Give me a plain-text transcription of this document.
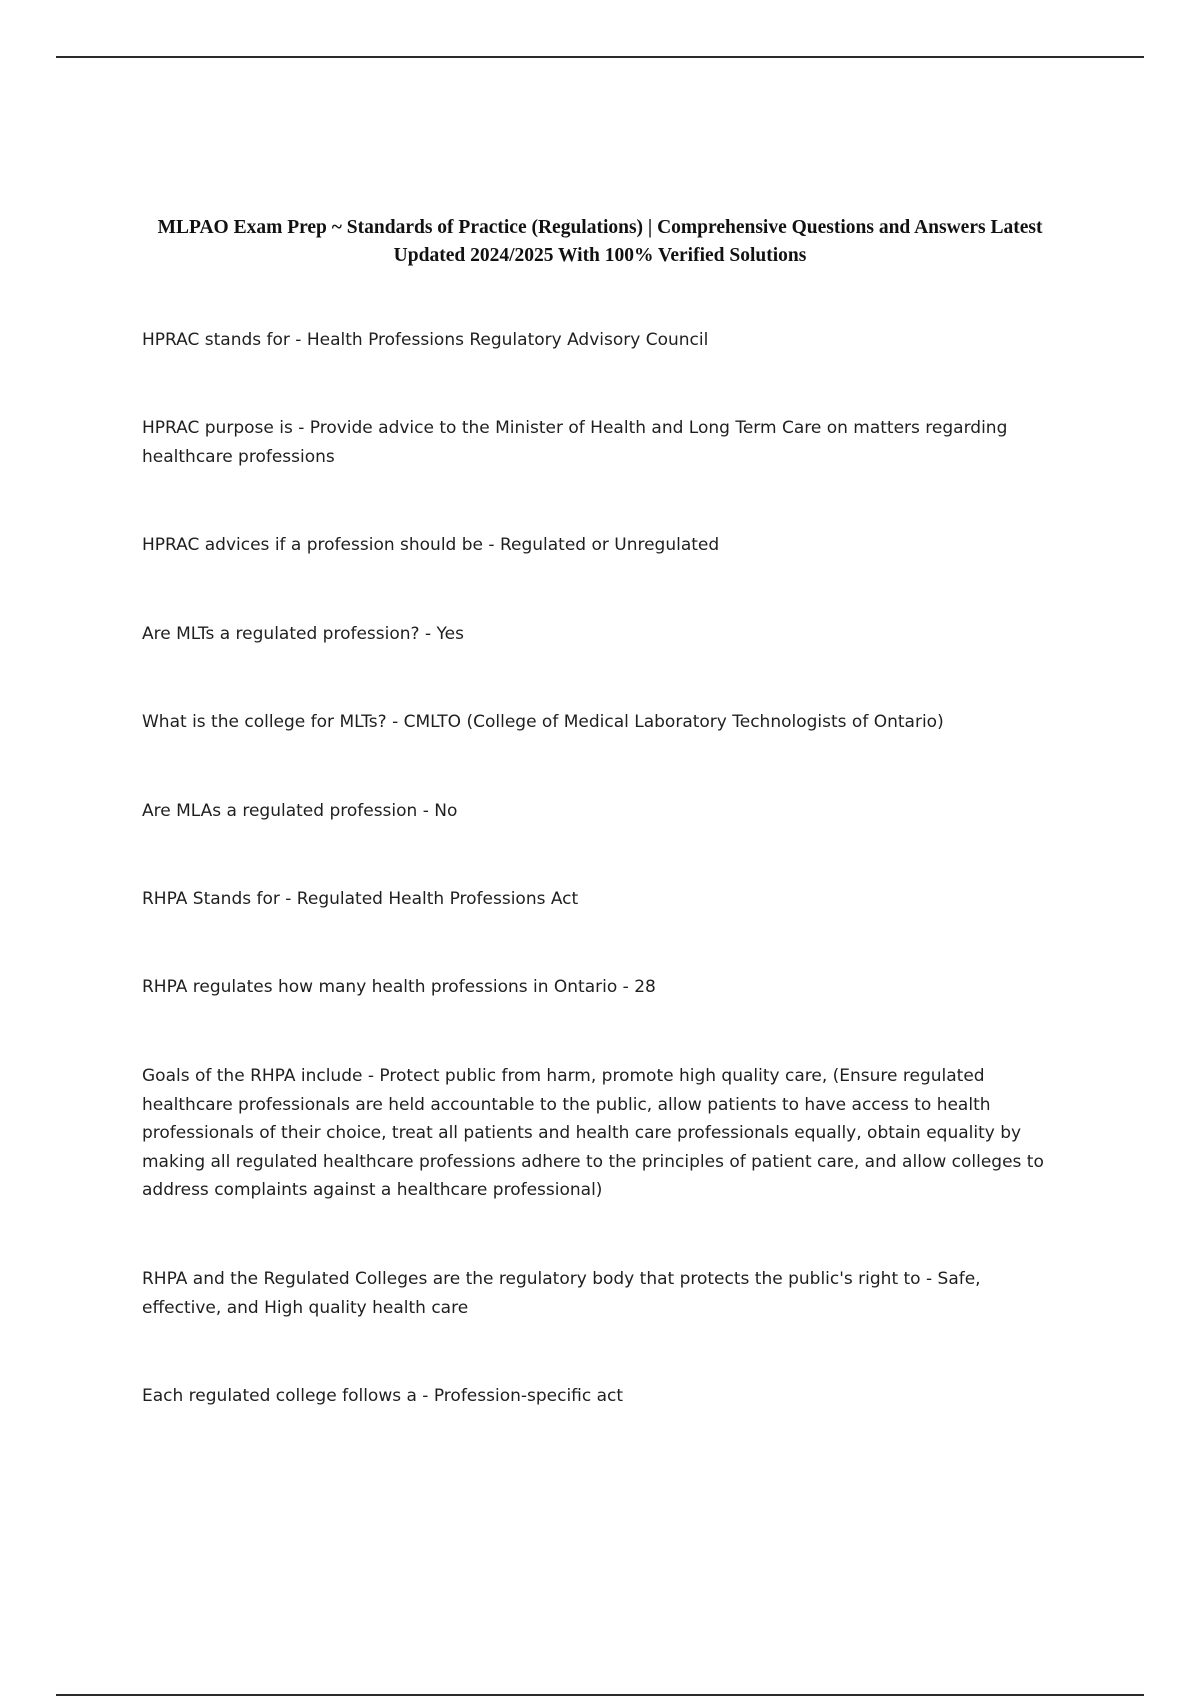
MLPAO Exam Prep ~ Standards of Practice (Regulations) | Comprehensive Questions and Answers Latest Updated 2024/2025 With 100% Verified Solutions

HPRAC stands for - Health Professions Regulatory Advisory Council

HPRAC purpose is - Provide advice to the Minister of Health and Long Term Care on matters regarding healthcare professions

HPRAC advices if a profession should be - Regulated or Unregulated

Are MLTs a regulated profession? - Yes

What is the college for MLTs? - CMLTO (College of Medical Laboratory Technologists of Ontario)

Are MLAs a regulated profession - No

RHPA Stands for - Regulated Health Professions Act

RHPA regulates how many health professions in Ontario - 28

Goals of the RHPA include - Protect public from harm, promote high quality care, (Ensure regulated healthcare professionals are held accountable to the public, allow patients to have access to health professionals of their choice, treat all patients and health care professionals equally, obtain equality by making all regulated healthcare professions adhere to the principles of patient care, and allow colleges to address complaints against a healthcare professional)

RHPA and the Regulated Colleges are the regulatory body that protects the public's right to - Safe, effective, and High quality health care

Each regulated college follows a - Profession-specific act
